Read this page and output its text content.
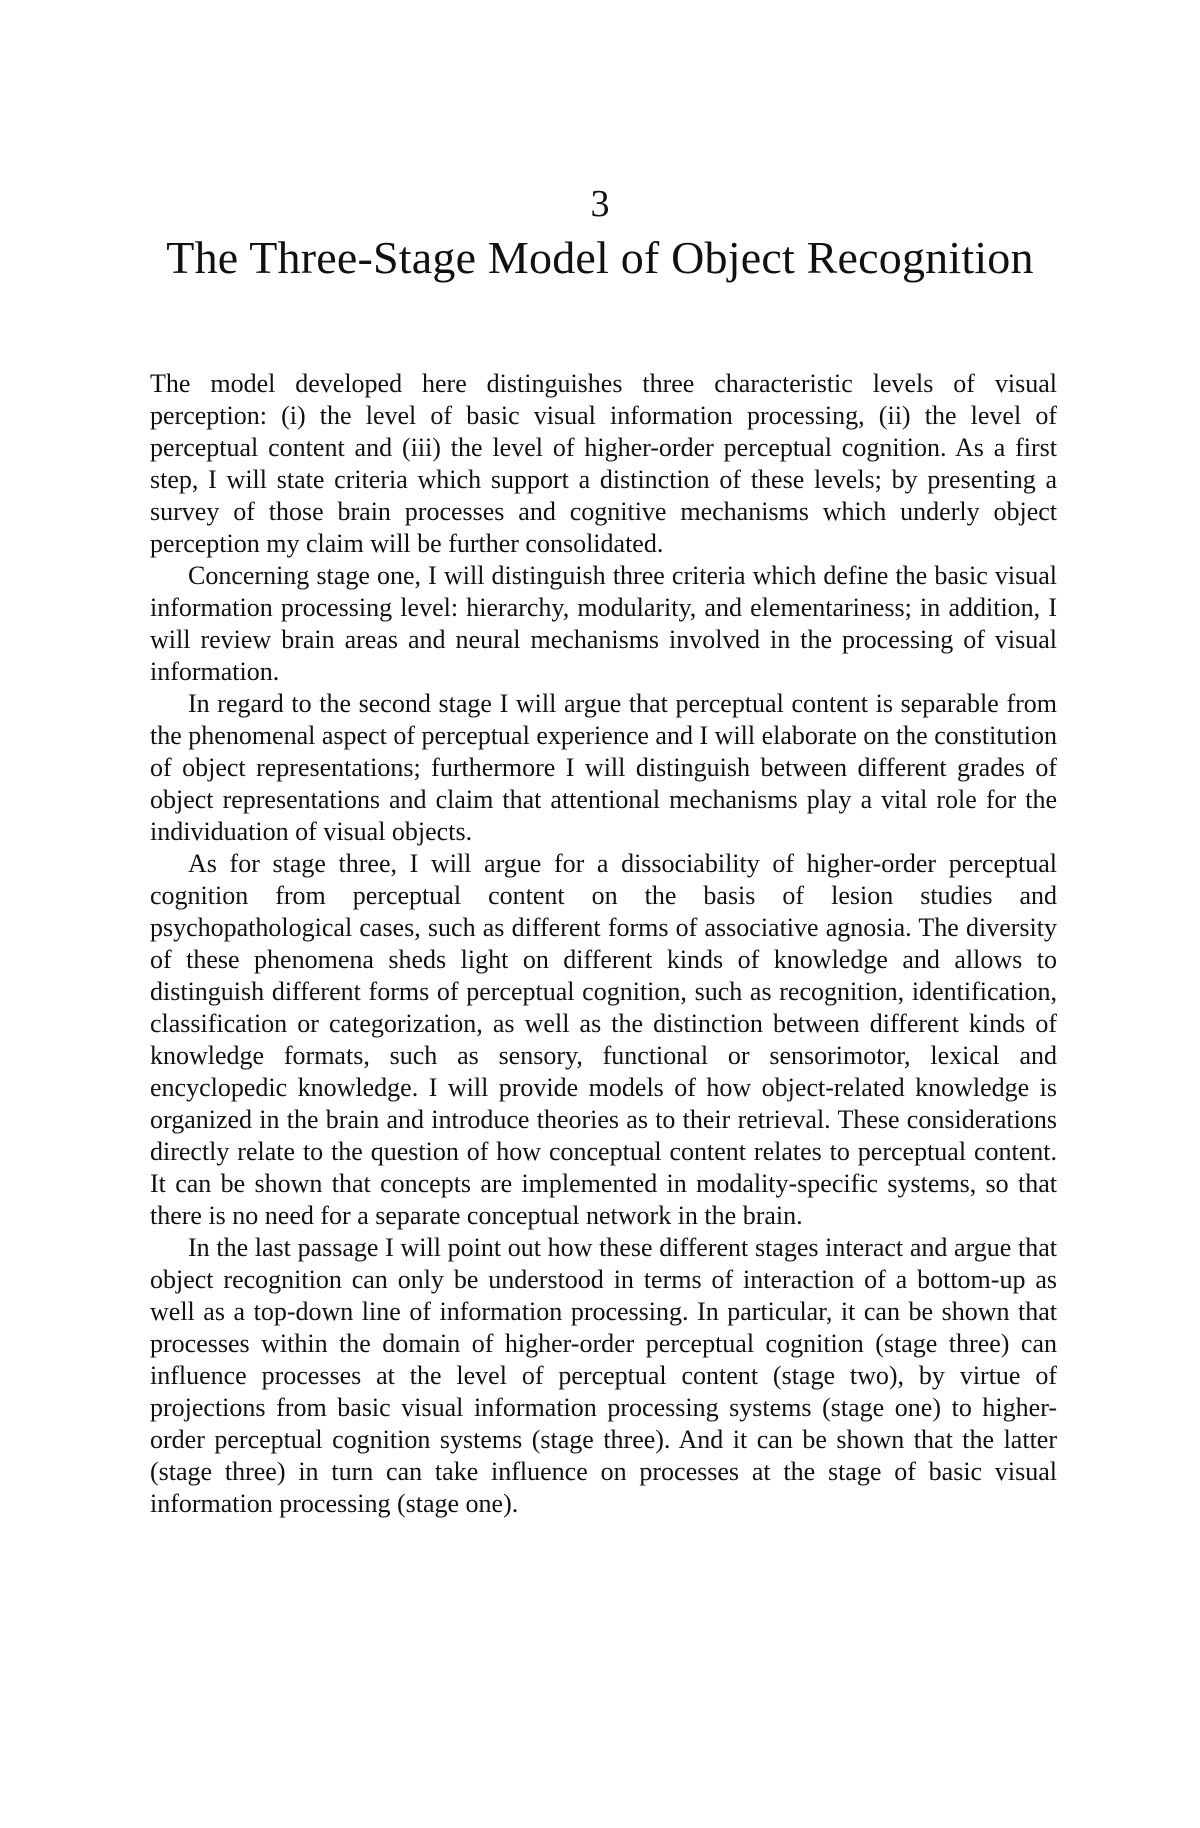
3
The Three-Stage Model of Object Recognition

The model developed here distinguishes three characteristic levels of visual perception: (i) the level of basic visual information processing, (ii) the level of perceptual content and (iii) the level of higher-order perceptual cognition. As a first step, I will state criteria which support a distinction of these levels; by presenting a survey of those brain processes and cognitive mechanisms which underly object perception my claim will be further consolidated.

Concerning stage one, I will distinguish three criteria which define the basic visual information processing level: hierarchy, modularity, and elementariness; in addition, I will review brain areas and neural mechanisms involved in the processing of visual information.

In regard to the second stage I will argue that perceptual content is separable from the phenomenal aspect of perceptual experience and I will elaborate on the constitution of object representations; furthermore I will distinguish between different grades of object representations and claim that attentional mechanisms play a vital role for the individuation of visual objects.

As for stage three, I will argue for a dissociability of higher-order perceptual cognition from perceptual content on the basis of lesion studies and psychopathological cases, such as different forms of associative agnosia. The diversity of these phenomena sheds light on different kinds of knowledge and allows to distinguish different forms of perceptual cognition, such as recognition, identification, classification or categorization, as well as the distinction between different kinds of knowledge formats, such as sensory, functional or sensorimotor, lexical and encyclopedic knowledge. I will provide models of how object-related knowledge is organized in the brain and introduce theories as to their retrieval. These considerations directly relate to the question of how conceptual content relates to perceptual content. It can be shown that concepts are implemented in modality-specific systems, so that there is no need for a separate conceptual network in the brain.

In the last passage I will point out how these different stages interact and argue that object recognition can only be understood in terms of interaction of a bottom-up as well as a top-down line of information processing. In particular, it can be shown that processes within the domain of higher-order perceptual cognition (stage three) can influence processes at the level of perceptual content (stage two), by virtue of projections from basic visual information processing systems (stage one) to higher-order perceptual cognition systems (stage three). And it can be shown that the latter (stage three) in turn can take influence on processes at the stage of basic visual information processing (stage one).
